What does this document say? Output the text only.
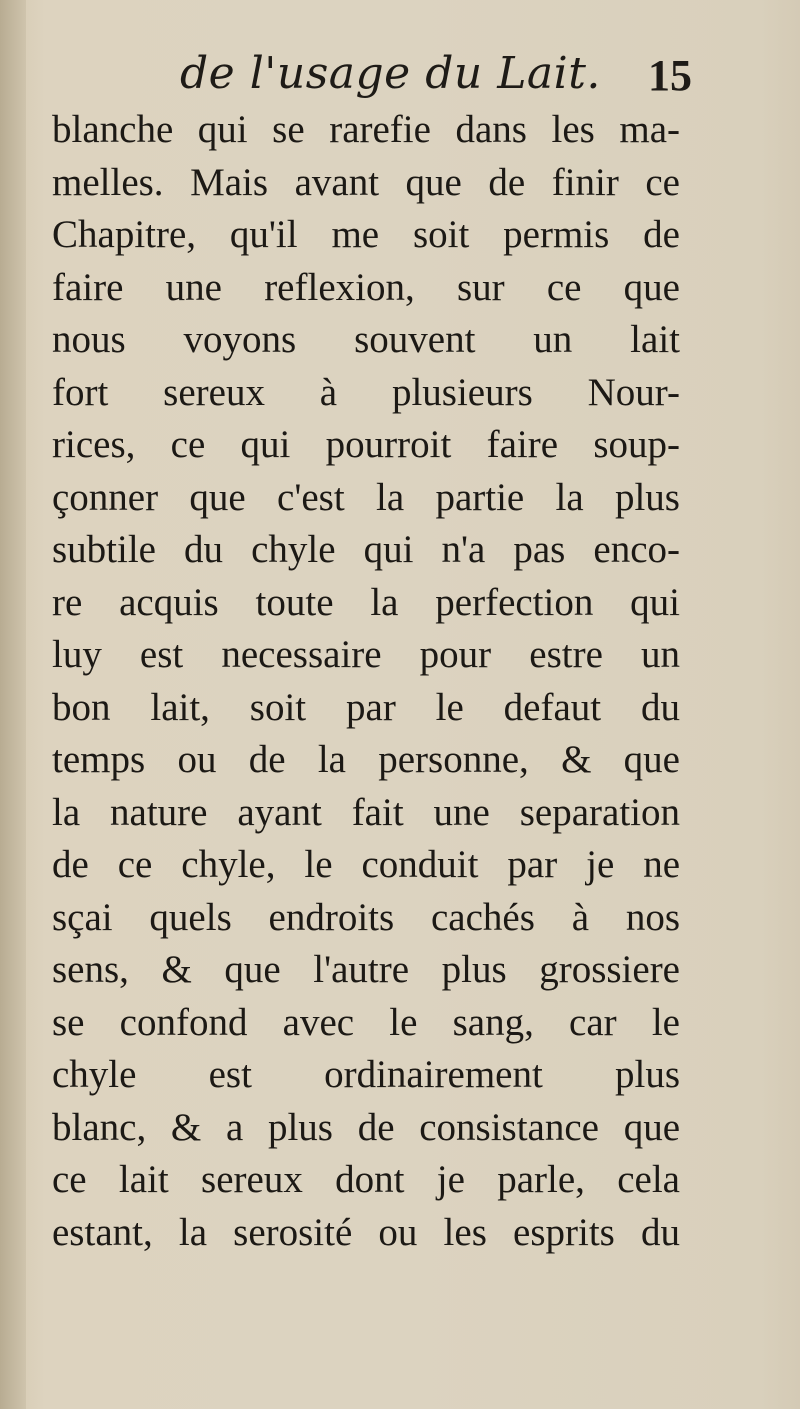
de l'usage du Lait. 15
blanche qui se rarefie dans les ma-
melles. Mais avant que de finir ce
Chapitre, qu'il me soit permis de
faire une reflexion, sur ce que
nous voyons souvent un lait
fort sereux à plusieurs Nour-
rices, ce qui pourroit faire soup-
çonner que c'est la partie la plus
subtile du chyle qui n'a pas enco-
re acquis toute la perfection qui
luy est necessaire pour estre un
bon lait, soit par le defaut du
temps ou de la personne, & que
la nature ayant fait une separation
de ce chyle, le conduit par je ne
sçai quels endroits cachés à nos
sens, & que l'autre plus grossiere
se confond avec le sang, car le
chyle est ordinairement plus
blanc, & a plus de consistance que
ce lait sereux dont je parle, cela
estant, la serosité ou les esprits du
